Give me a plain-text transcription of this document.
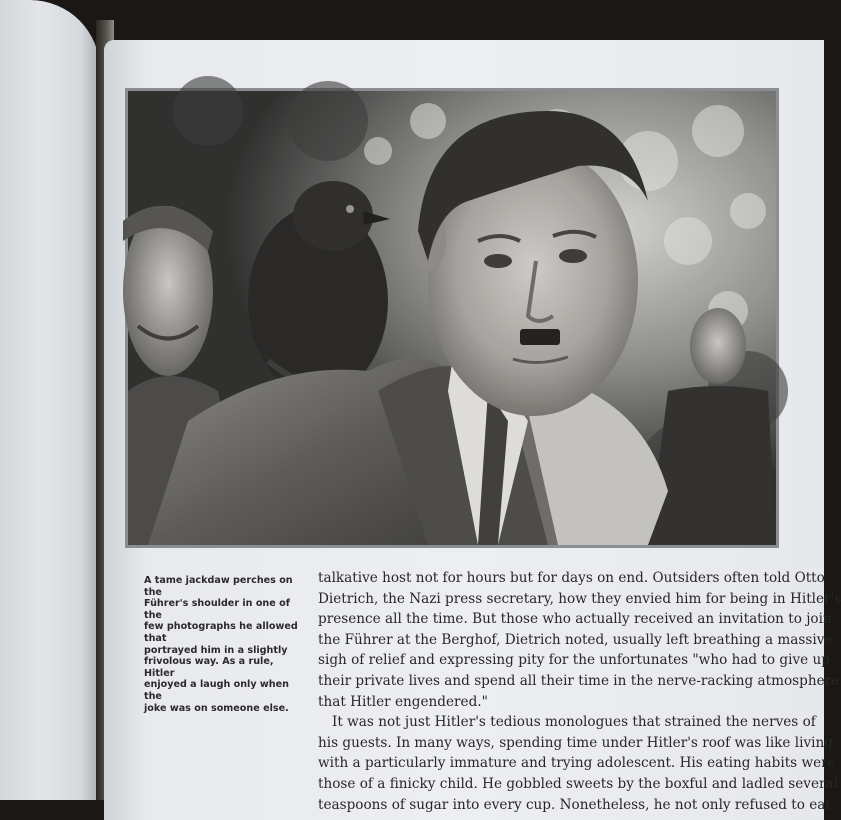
A tame jackdaw perches on the
Führer's shoulder in one of the
few photographs he allowed that
portrayed him in a slightly
frivolous way. As a rule, Hitler
enjoyed a laugh only when the
joke was on someone else.

talkative host not for hours but for days on end. Outsiders often told Otto

Dietrich, the Nazi press secretary, how they envied him for being in Hitler's

presence all the time. But those who actually received an invitation to join

the Führer at the Berghof, Dietrich noted, usually left breathing a massive

sigh of relief and expressing pity for the unfortunates "who had to give up

their private lives and spend all their time in the nerve-racking atmosphere

that Hitler engendered."

It was not just Hitler's tedious monologues that strained the nerves of

his guests. In many ways, spending time under Hitler's roof was like living

with a particularly immature and trying adolescent. His eating habits were

those of a finicky child. He gobbled sweets by the boxful and ladled several

teaspoons of sugar into every cup. Nonetheless, he not only refused to eat
